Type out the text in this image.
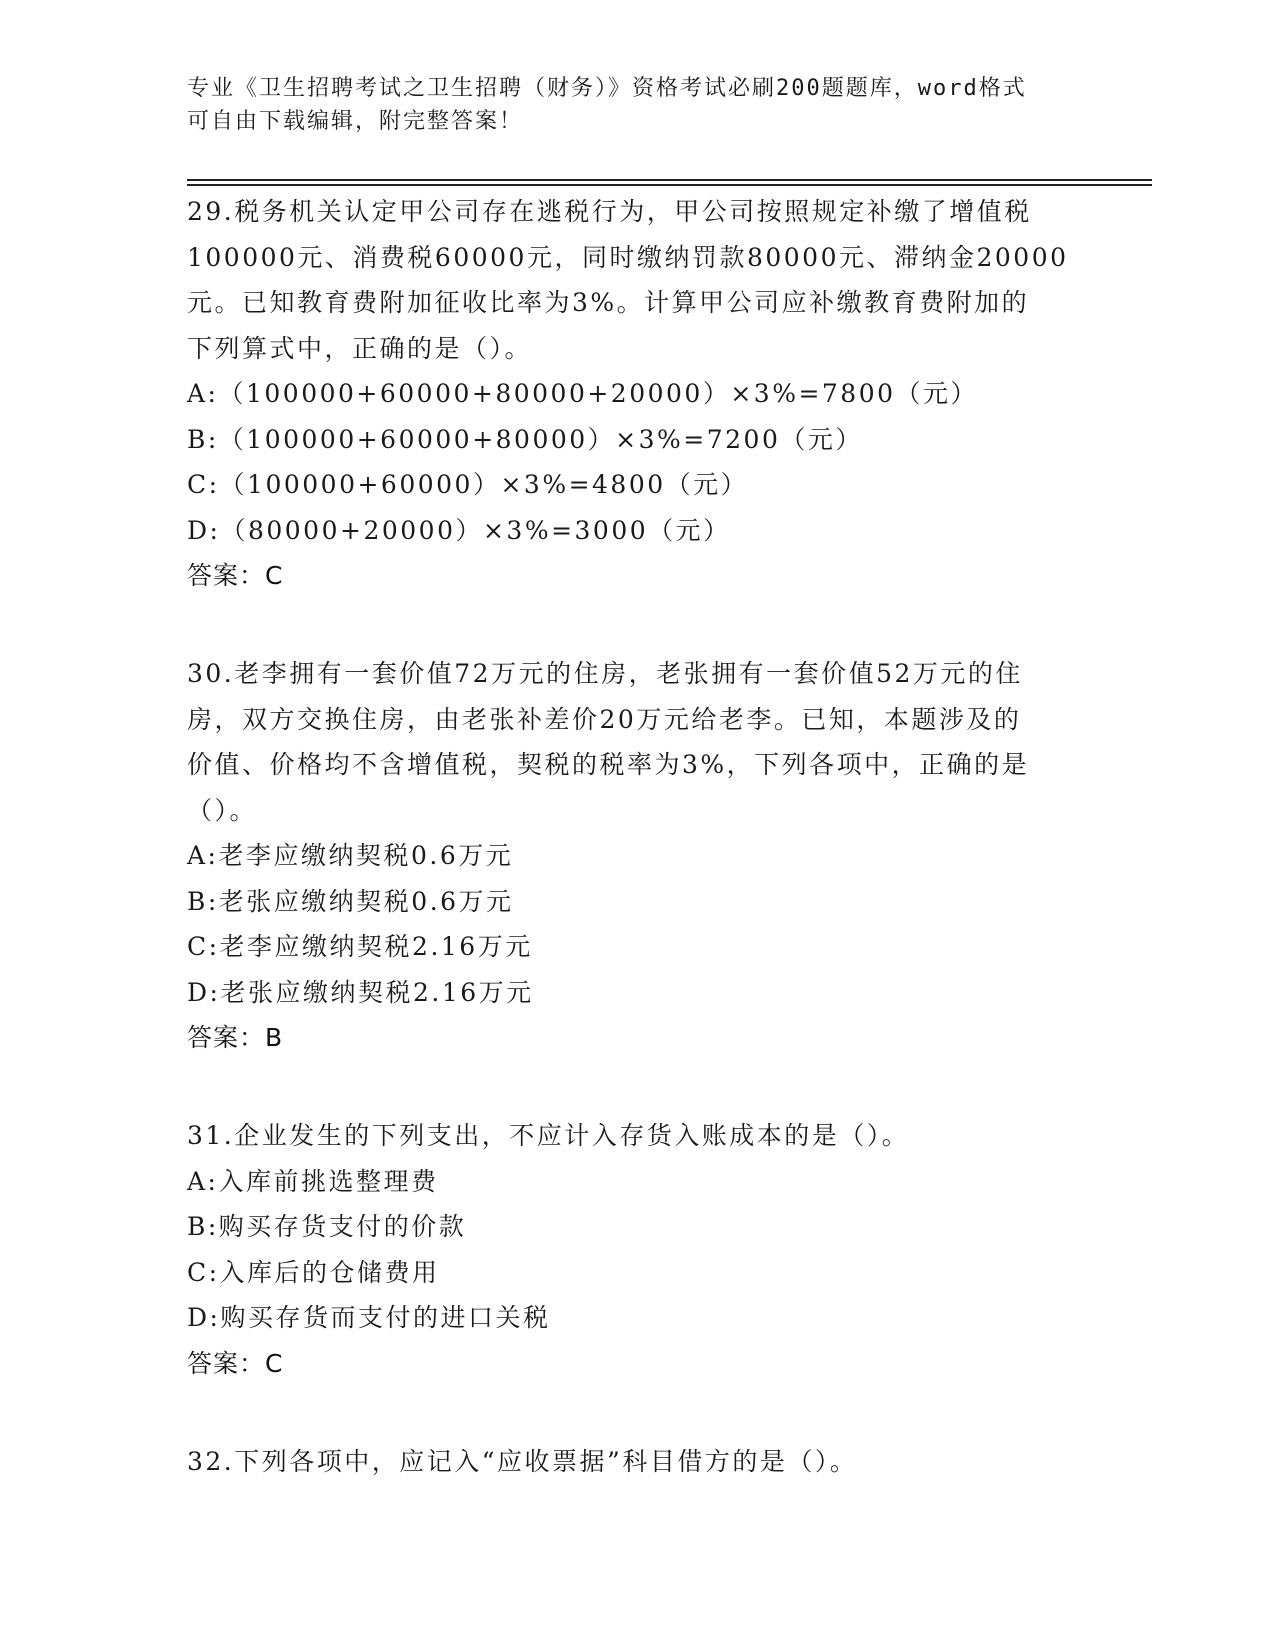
专业《卫生招聘考试之卫生招聘（财务）》资格考试必刷200题题库，word格式
可自由下载编辑，附完整答案！
29.税务机关认定甲公司存在逃税行为，甲公司按照规定补缴了增值税
100000元、消费税60000元，同时缴纳罚款80000元、滞纳金20000
元。已知教育费附加征收比率为3%。计算甲公司应补缴教育费附加的
下列算式中，正确的是（）。
A:（100000+60000+80000+20000）×3%=7800（元）
B:（100000+60000+80000）×3%=7200（元）
C:（100000+60000）×3%=4800（元）
D:（80000+20000）×3%=3000（元）
答案：C
30.老李拥有一套价值72万元的住房，老张拥有一套价值52万元的住
房，双方交换住房，由老张补差价20万元给老李。已知，本题涉及的
价值、价格均不含增值税，契税的税率为3%，下列各项中，正确的是
（）。
A:老李应缴纳契税0.6万元
B:老张应缴纳契税0.6万元
C:老李应缴纳契税2.16万元
D:老张应缴纳契税2.16万元
答案：B
31.企业发生的下列支出，不应计入存货入账成本的是（）。
A:入库前挑选整理费
B:购买存货支付的价款
C:入库后的仓储费用
D:购买存货而支付的进口关税
答案：C
32.下列各项中，应记入“应收票据”科目借方的是（）。
